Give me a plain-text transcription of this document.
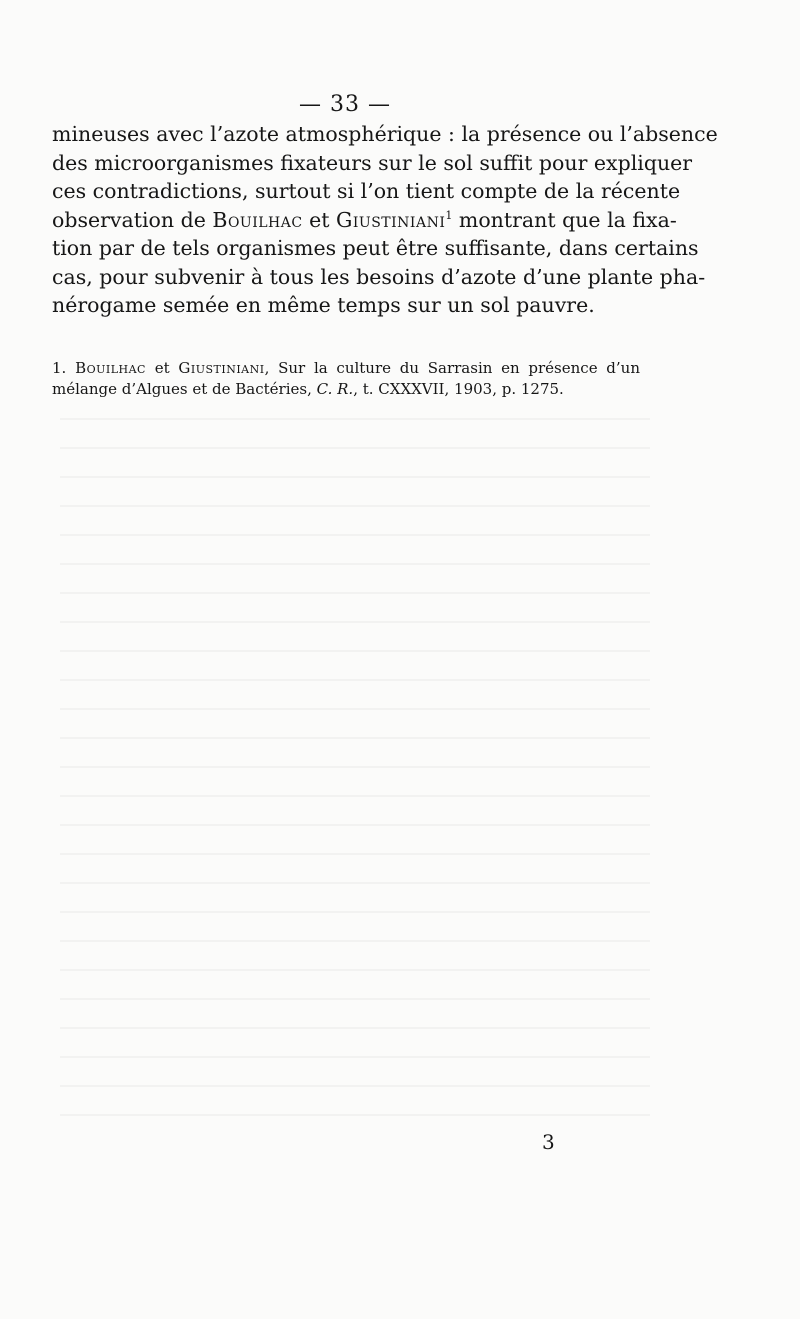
— 33 —
mineuses avec l’azote atmosphérique : la présence ou l’absence
des microorganismes fixateurs sur le sol suffit pour expliquer
ces contradictions, surtout si l’on tient compte de la récente
observation de Bouilhac et Giustiniani$^1$ montrant que la fixa-
tion par de tels organismes peut être suffisante, dans certains
cas, pour subvenir à tous les besoins d’azote d’une plante pha-
nérogame semée en même temps sur un sol pauvre.
1. Bouilhac et Giustiniani, Sur la culture du Sarrasin en présence d’un
mélange d’Algues et de Bactéries, C. R., t. CXXXVII, 1903, p. 1275.
3
